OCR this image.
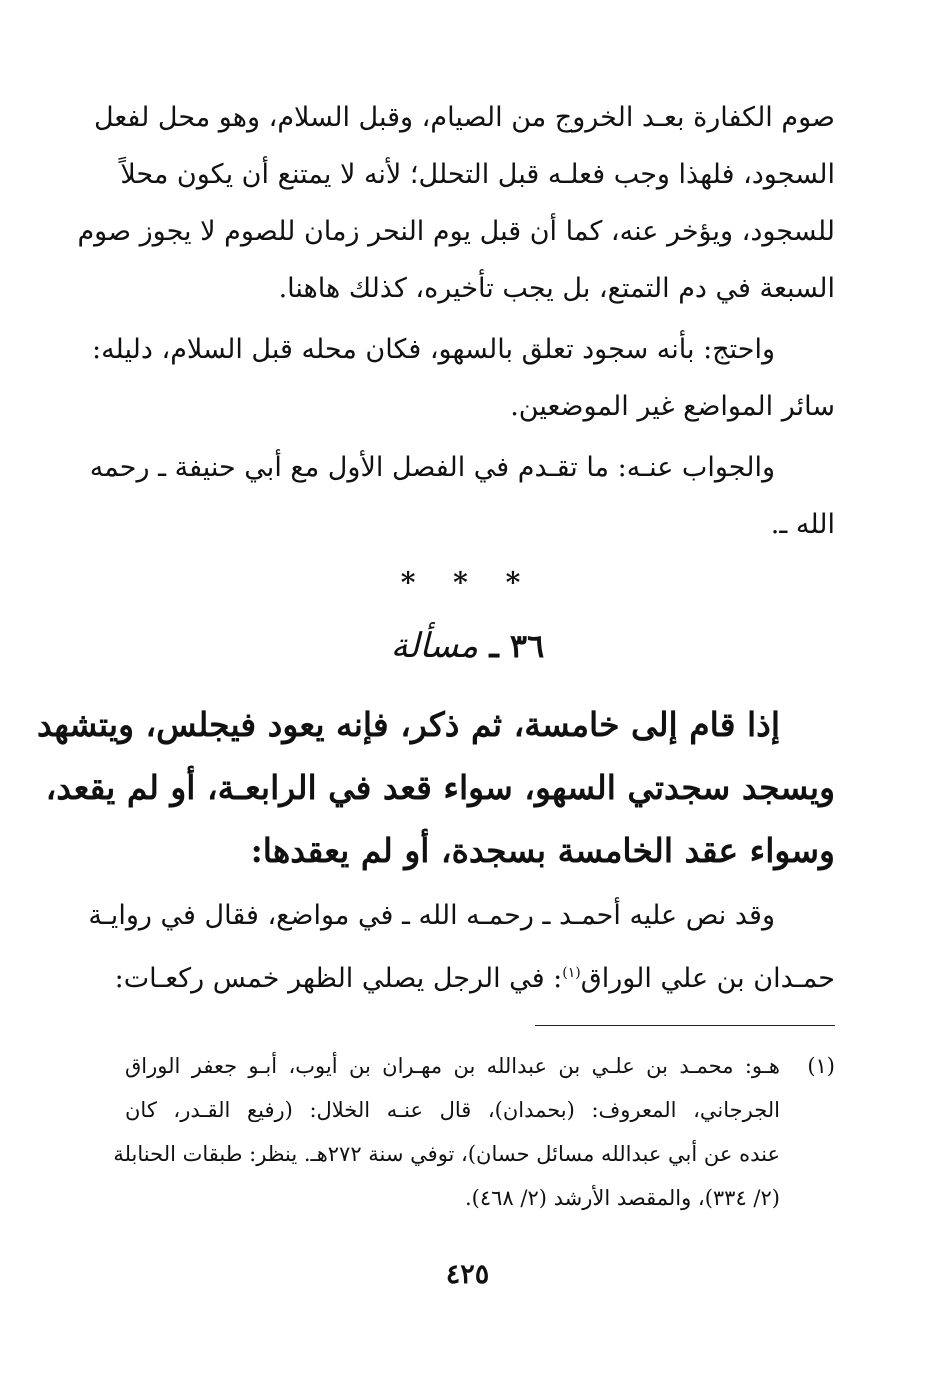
صوم الكفارة بعـد الخروج من الصيام، وقبل السلام، وهو محل لفعل
السجود، فلهذا وجب فعلـه قبل التحلل؛ لأنه لا يمتنع أن يكون محلاً
للسجود، ويؤخر عنه، كما أن قبل يوم النحر زمان للصوم لا يجوز صوم
السبعة في دم التمتع، بل يجب تأخيره، كذلك هاهنا.
واحتج: بأنه سجود تعلق بالسهو، فكان محله قبل السلام، دليله:
سائر المواضع غير الموضعين.
والجواب عنـه: ما تقـدم في الفصل الأول مع أبي حنيفة ـ رحمه
الله ـ.
* * *
٣٦ ـ مسألة
إذا قام إلى خامسة، ثم ذكر، فإنه يعود فيجلس، ويتشهد
ويسجد سجدتي السهو، سواء قعد في الرابعـة، أو لم يقعد،
وسواء عقد الخامسة بسجدة، أو لم يعقدها:
وقد نص عليه أحمـد ـ رحمـه الله ـ في مواضع، فقال في روايـة
حمـدان بن علي الوراق$^{(١)}$: في الرجل يصلي الظهر خمس ركعـات:
(١)
هـو: محمـد بن علـي بن عبدالله بن مهـران بن أيوب، أبـو جعفر الوراق
الجرجاني، المعروف: (بحمدان)، قال عنـه الخلال: (رفيع القـدر، كان
عنده عن أبي عبدالله مسائل حسان)، توفي سنة ٢٧٢هـ. ينظر: طبقات الحنابلة
(٢/ ٣٣٤)، والمقصد الأرشد (٢/ ٤٦٨).
٤٢٥
